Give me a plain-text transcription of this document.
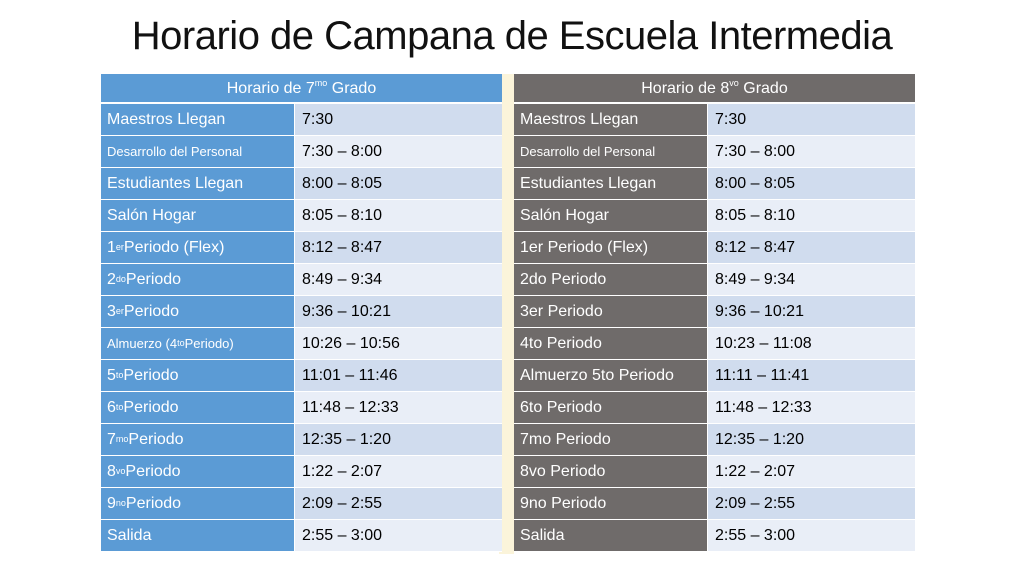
Horario de Campana de Escuela Intermedia
Horario de $7^{mo}$ Grado
Maestros Llegan	7:30
Desarrollo del Personal	7:30 – 8:00
Estudiantes Llegan	8:00 – 8:05
Salón Hogar	8:05 – 8:10
1er Periodo (Flex)	8:12 – 8:47
$2^{do}$ Periodo	8:49 – 9:34
3er Periodo	9:36 – 10:21
Almuerzo ($4^{to}$ Periodo)	10:26 – 10:56
$5^{to}$ Periodo	11:01 – 11:46
$6^{to}$ Periodo	11:48 – 12:33
$7^{mo}$ Periodo	12:35 – 1:20
$8^{vo}$ Periodo	1:22 – 2:07
$9^{no}$ Periodo	2:09 – 2:55
Salida	2:55 – 3:00
Horario de $8^{vo}$ Grado
Maestros Llegan	7:30
Desarrollo del Personal	7:30 – 8:00
Estudiantes Llegan	8:00 – 8:05
Salón Hogar	8:05 – 8:10
1er Periodo (Flex)	8:12 – 8:47
2do Periodo	8:49 – 9:34
3er Periodo	9:36 – 10:21
4to Periodo	10:23 – 11:08
Almuerzo 5to Periodo	11:11 – 11:41
6to Periodo	11:48 – 12:33
7mo Periodo	12:35 – 1:20
8vo Periodo	1:22 – 2:07
9no Periodo	2:09 – 2:55
Salida	2:55 – 3:00
